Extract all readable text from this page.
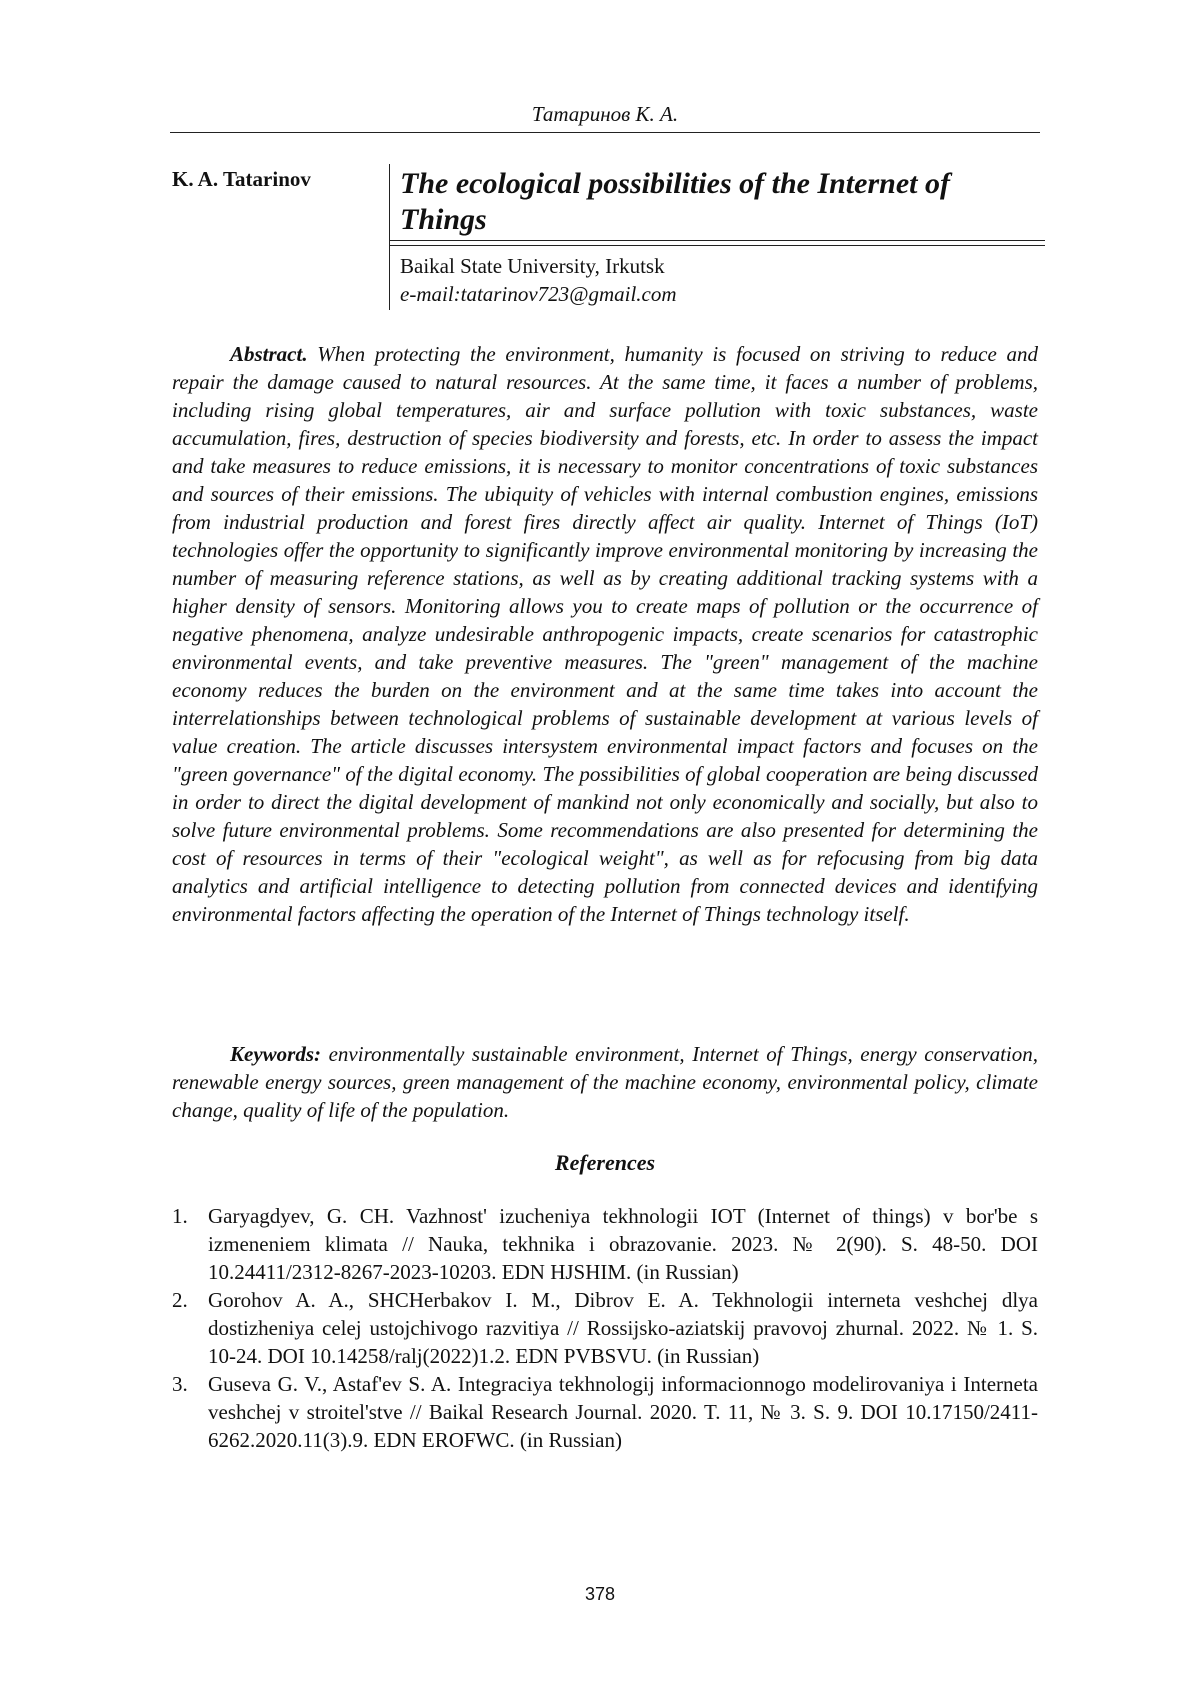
Татаринов К. А.
K. A. Tatarinov	The ecological possibilities of the Internet of Things
Baikal State University, Irkutsk
e-mail:tatarinov723@gmail.com

Abstract. When protecting the environment, humanity is focused on striving to reduce and repair the damage caused to natural resources. At the same time, it faces a number of problems, including rising global temperatures, air and surface pollution with toxic substances, waste accumulation, fires, destruction of species biodiversity and forests, etc. In order to assess the impact and take measures to reduce emissions, it is necessary to monitor concentrations of toxic substances and sources of their emissions. The ubiquity of vehicles with internal combustion engines, emissions from industrial production and forest fires directly affect air quality. Internet of Things (IoT) technologies offer the opportunity to significantly improve environmental monitoring by increasing the number of measuring reference stations, as well as by creating additional tracking systems with a higher density of sensors. Monitoring allows you to create maps of pollution or the occurrence of negative phenomena, analyze undesirable anthropogenic impacts, create scenarios for catastrophic environmental events, and take preventive measures. The "green" management of the machine economy reduces the burden on the environment and at the same time takes into account the interrelationships between technological problems of sustainable development at various levels of value creation. The article discusses intersystem environmental impact factors and focuses on the "green governance" of the digital economy. The possibilities of global cooperation are being discussed in order to direct the digital development of mankind not only economically and socially, but also to solve future environmental problems. Some recommendations are also presented for determining the cost of resources in terms of their "ecological weight", as well as for refocusing from big data analytics and artificial intelligence to detecting pollution from connected devices and identifying environmental factors affecting the operation of the Internet of Things technology itself.

Keywords: environmentally sustainable environment, Internet of Things, energy conservation, renewable energy sources, green management of the machine economy, environmental policy, climate change, quality of life of the population.

References
1. Garyagdyev, G. CH. Vazhnost' izucheniya tekhnologii IOT (Internet of things) v bor'be s izmeneniem klimata // Nauka, tekhnika i obrazovanie. 2023. № 2(90). S. 48-50. DOI 10.24411/2312-8267-2023-10203. EDN HJSHIM. (in Russian)
2. Gorohov A. A., SHCHerbakov I. M., Dibrov E. A. Tekhnologii interneta veshchej dlya dostizheniya celej ustojchivogo razvitiya // Rossijsko-aziatskij pravovoj zhurnal. 2022. № 1. S. 10-24. DOI 10.14258/ralj(2022)1.2. EDN PVBSVU. (in Russian)
3. Guseva G. V., Astaf'ev S. A. Integraciya tekhnologij informacionnogo modelirovaniya i Interneta veshchej v stroitel'stve // Baikal Research Journal. 2020. T. 11, № 3. S. 9. DOI 10.17150/2411-6262.2020.11(3).9. EDN EROFWC. (in Russian)
378
